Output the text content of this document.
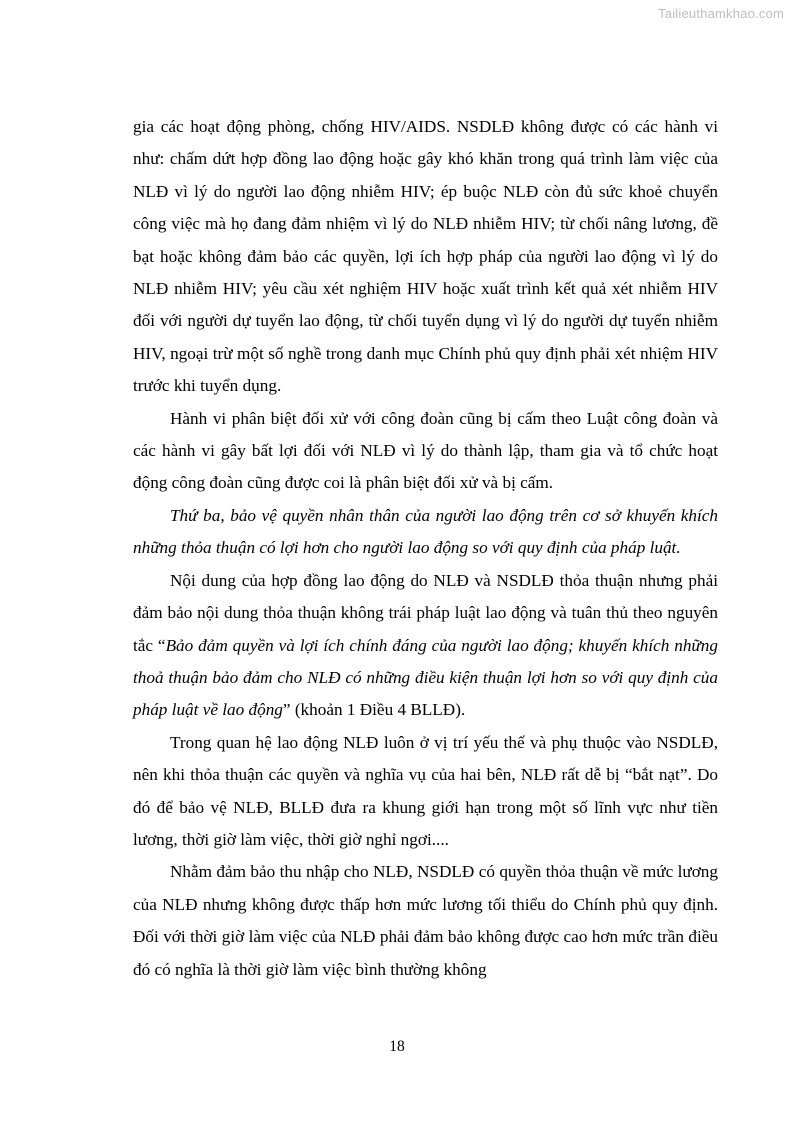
Tailieuthamkhao.com

gia các hoạt động phòng, chống HIV/AIDS. NSDLĐ không được có các hành vi như: chấm dứt hợp đồng lao động hoặc gây khó khăn trong quá trình làm việc của NLĐ vì lý do người lao động nhiễm HIV; ép buộc NLĐ còn đủ sức khoẻ chuyển công việc mà họ đang đảm nhiệm vì lý do NLĐ nhiễm HIV; từ chối nâng lương, đề bạt hoặc không đảm bảo các quyền, lợi ích hợp pháp của người lao động vì lý do NLĐ nhiễm HIV; yêu cầu xét nghiệm HIV hoặc xuất trình kết quả xét nhiễm HIV đối với người dự tuyển lao động, từ chối tuyển dụng vì lý do người dự tuyển nhiễm HIV, ngoại trừ một số nghề trong danh mục Chính phủ quy định phải xét nhiệm HIV trước khi tuyển dụng.

Hành vi phân biệt đối xử với công đoàn cũng bị cấm theo Luật công đoàn và các hành vi gây bất lợi đối với NLĐ vì lý do thành lập, tham gia và tổ chức hoạt động công đoàn cũng được coi là phân biệt đối xử và bị cấm.

Thứ ba, bảo vệ quyền nhân thân của người lao động trên cơ sở khuyến khích những thỏa thuận có lợi hơn cho người lao động so với quy định của pháp luật.

Nội dung của hợp đồng lao động do NLĐ và NSDLĐ thỏa thuận nhưng phải đảm bảo nội dung thỏa thuận không trái pháp luật lao động và tuân thủ theo nguyên tắc “Bảo đảm quyền và lợi ích chính đáng của người lao động; khuyến khích những thoả thuận bảo đảm cho NLĐ có những điều kiện thuận lợi hơn so với quy định của pháp luật về lao động” (khoản 1 Điều 4 BLLĐ).

Trong quan hệ lao động NLĐ luôn ở vị trí yếu thế và phụ thuộc vào NSDLĐ, nên khi thỏa thuận các quyền và nghĩa vụ của hai bên, NLĐ rất dễ bị “bắt nạt”. Do đó để bảo vệ NLĐ, BLLĐ đưa ra khung giới hạn trong một số lĩnh vực như tiền lương, thời giờ làm việc, thời giờ nghỉ ngơi....

Nhằm đảm bảo thu nhập cho NLĐ, NSDLĐ có quyền thỏa thuận về mức lương của NLĐ nhưng không được thấp hơn mức lương tối thiểu do Chính phủ quy định. Đối với thời giờ làm việc của NLĐ phải đảm bảo không được cao hơn mức trần điều đó có nghĩa là thời giờ làm việc bình thường không

18
